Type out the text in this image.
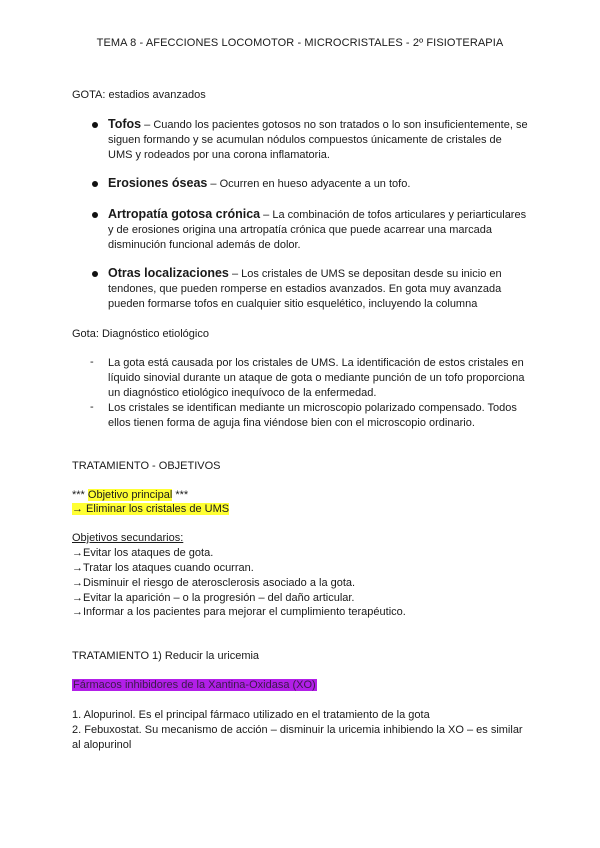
TEMA 8 - AFECCIONES LOCOMOTOR - MICROCRISTALES - 2º FISIOTERAPIA
GOTA: estadios avanzados
Tofos – Cuando los pacientes gotosos no son tratados o lo son insuficientemente, se siguen formando y se acumulan nódulos compuestos únicamente de cristales de UMS y rodeados por una corona inflamatoria.
Erosiones óseas – Ocurren en hueso adyacente a un tofo.
Artropatía gotosa crónica – La combinación de tofos articulares y periarticulares y de erosiones origina una artropatía crónica que puede acarrear una marcada disminución funcional además de dolor.
Otras localizaciones – Los cristales de UMS se depositan desde su inicio en tendones, que pueden romperse en estadios avanzados. En gota muy avanzada pueden formarse tofos en cualquier sitio esquelético, incluyendo la columna
Gota: Diagnóstico etiológico
- La gota está causada por los cristales de UMS. La identificación de estos cristales en líquido sinovial durante un ataque de gota o mediante punción de un tofo proporciona un diagnóstico etiológico inequívoco de la enfermedad.
- Los cristales se identifican mediante un microscopio polarizado compensado. Todos ellos tienen forma de aguja fina viéndose bien con el microscopio ordinario.
TRATAMIENTO - OBJETIVOS
*** Objetivo principal ***
→ Eliminar los cristales de UMS
Objetivos secundarios:
→Evitar los ataques de gota.
→Tratar los ataques cuando ocurran.
→Disminuir el riesgo de aterosclerosis asociado a la gota.
→Evitar la aparición – o la progresión – del daño articular.
→Informar a los pacientes para mejorar el cumplimiento terapéutico.
TRATAMIENTO 1) Reducir la uricemia
Fármacos inhibidores de la Xantina-Oxidasa (XO)
1. Alopurinol. Es el principal fármaco utilizado en el tratamiento de la gota
2. Febuxostat. Su mecanismo de acción – disminuir la uricemia inhibiendo la XO – es similar al alopurinol
